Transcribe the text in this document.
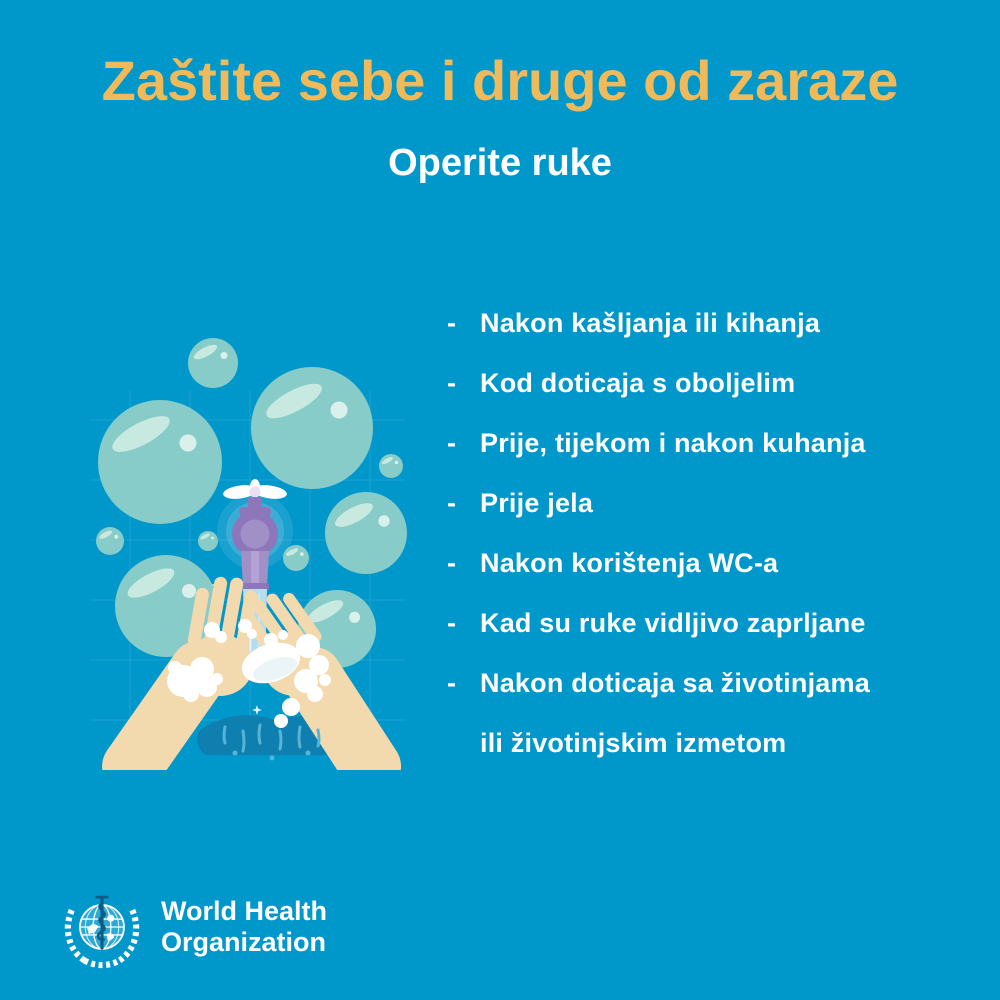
Zaštite sebe i druge od zaraze
Operite ruke
- Nakon kašljanja ili kihanja
- Kod doticaja s oboljelim
- Prije, tijekom i nakon kuhanja
- Prije jela
- Nakon korištenja WC-a
- Kad su ruke vidljivo zaprljane
- Nakon doticaja sa životinjama
ili životinjskim izmetom
World Health
Organization
